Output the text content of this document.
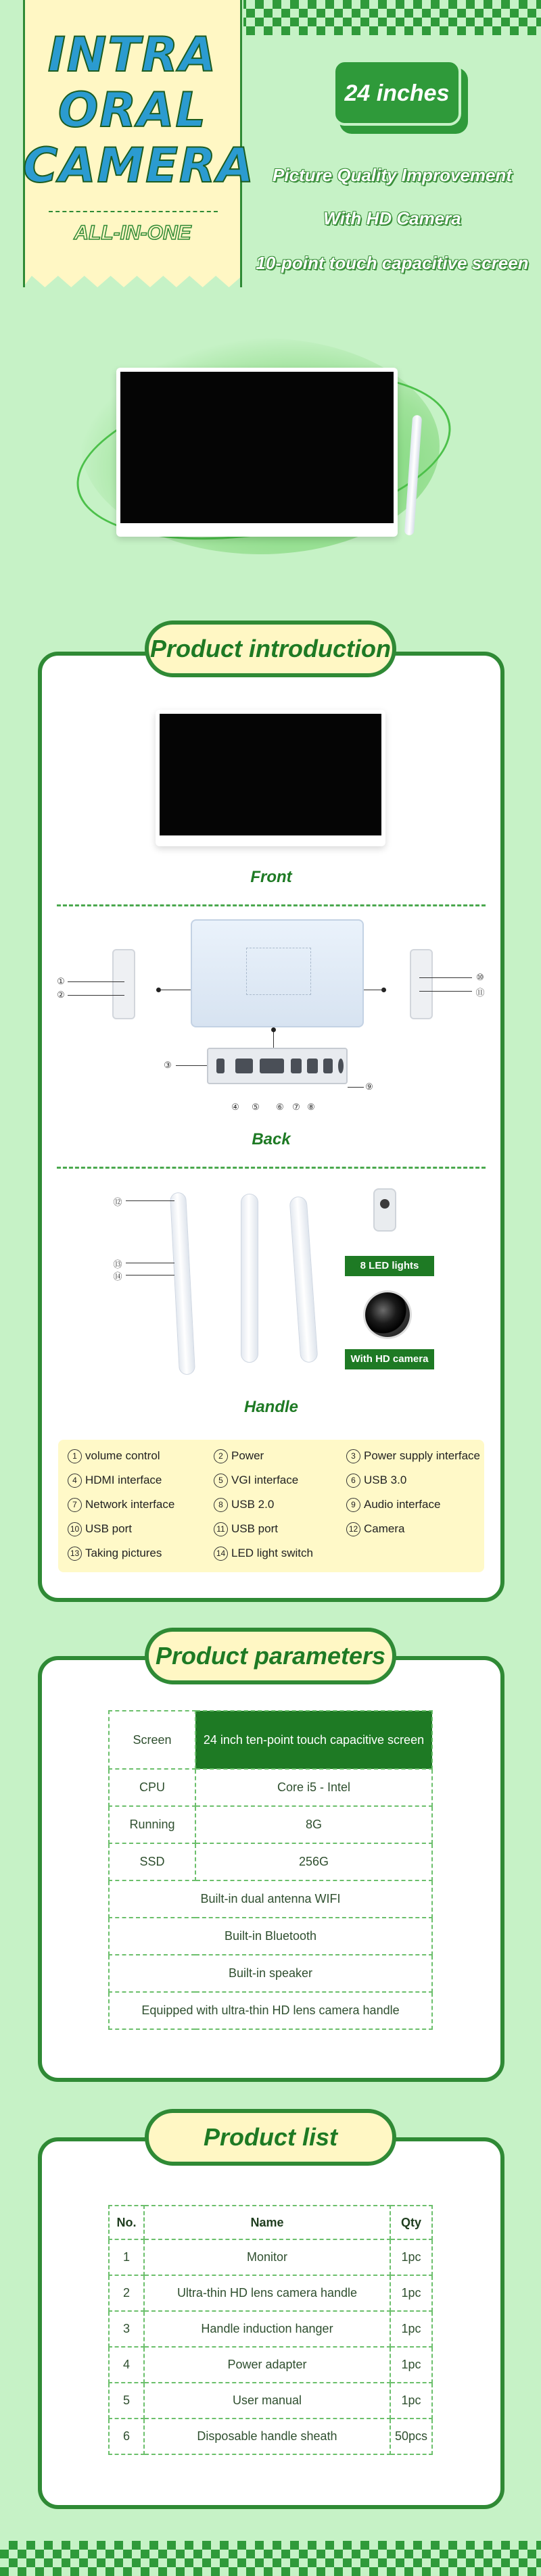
INTRA
ORAL
CAMERA
ALL-IN-ONE
24 inches
Picture Quality Improvement
With HD Camera
10-point touch capacitive screen
Product introduction
Front
①
②
⑩
⑪
③
⑨
④	⑤	⑥ ⑦ ⑧
Back
⑫
⑬
⑭
8 LED lights
With HD camera
Handle
1 volume control	2 Power	3 Power supply interface
4 HDMI interface	5 VGI interface	6 USB 3.0
7 Network interface	8 USB 2.0	9 Audio interface
10 USB port	11 USB port	12 Camera
13 Taking pictures	14 LED light switch
Product parameters
Screen	24 inch ten-point touch capacitive screen
CPU	Core i5 - Intel
Running	8G
SSD	256G
Built-in dual antenna WIFI	
Built-in Bluetooth	
Built-in speaker	
Equipped with ultra-thin HD lens camera handle	
Product list
No.	Name	Qty
1	Monitor	1pc
2	Ultra-thin HD lens camera handle	1pc
3	Handle induction hanger	1pc
4	Power adapter	1pc
5	User manual	1pc
6	Disposable handle sheath	50pcs
